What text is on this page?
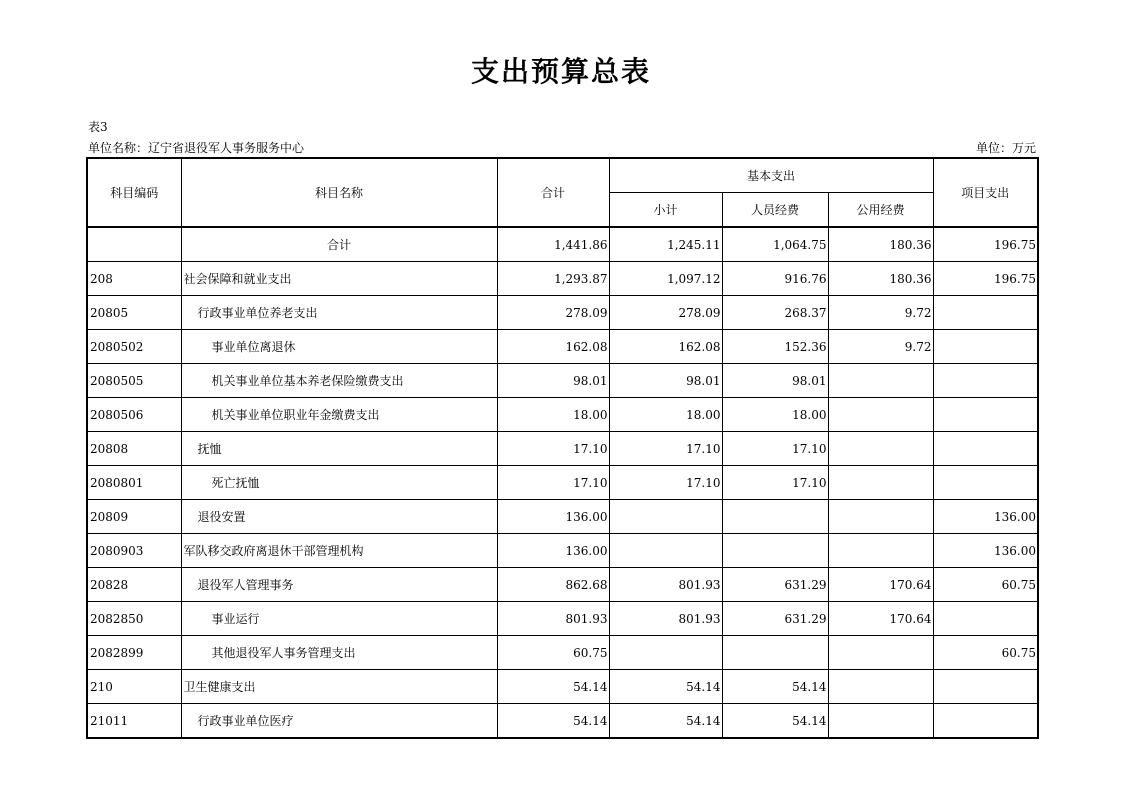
支出预算总表
表3
单位名称：辽宁省退役军人事务服务中心	单位：万元
科目编码	科目名称	合计	基本支出			项目支出
			小计	人员经费	公用经费	
	合计	1,441.86	1,245.11	1,064.75	180.36	196.75
208	社会保障和就业支出	1,293.87	1,097.12	916.76	180.36	196.75
20805	行政事业单位养老支出	278.09	278.09	268.37	9.72	
2080502	事业单位离退休	162.08	162.08	152.36	9.72	
2080505	机关事业单位基本养老保险缴费支出	98.01	98.01	98.01		
2080506	机关事业单位职业年金缴费支出	18.00	18.00	18.00		
20808	抚恤	17.10	17.10	17.10		
2080801	死亡抚恤	17.10	17.10	17.10		
20809	退役安置	136.00				136.00
2080903	军队移交政府离退休干部管理机构	136.00				136.00
20828	退役军人管理事务	862.68	801.93	631.29	170.64	60.75
2082850	事业运行	801.93	801.93	631.29	170.64	
2082899	其他退役军人事务管理支出	60.75				60.75
210	卫生健康支出	54.14	54.14	54.14		
21011	行政事业单位医疗	54.14	54.14	54.14		
